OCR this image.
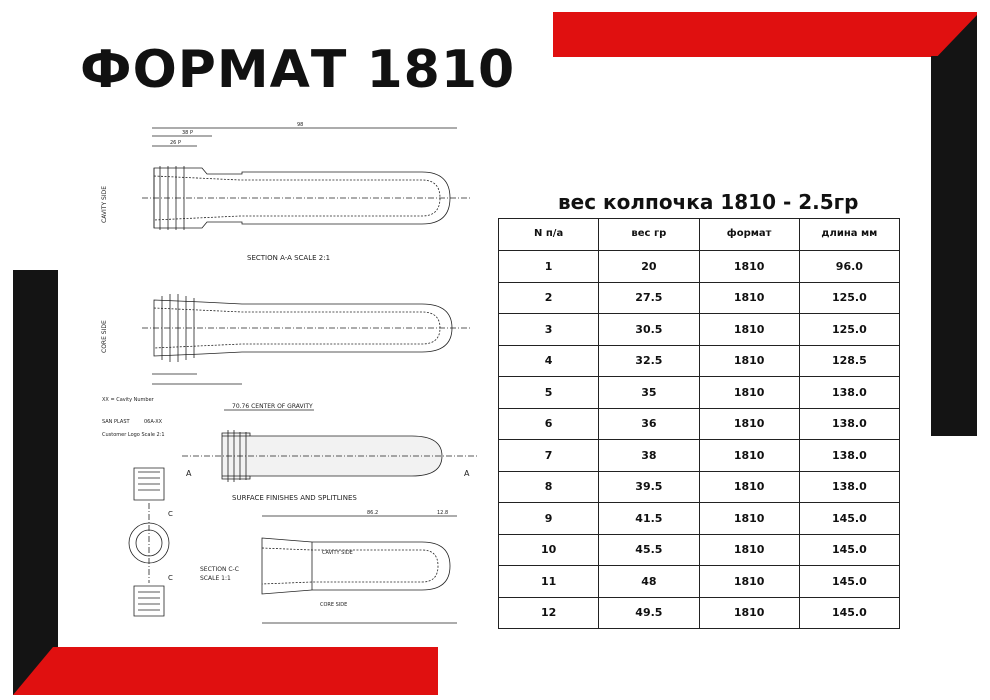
ФОРМАТ 1810
98
38 P
26 P
CAVITY SIDE
SECTION A-A SCALE 2:1
CORE SIDE
XX = Cavity Number
SAN PLAST	06A-XX
Customer Logo Scale 2:1
70.76 CENTER OF GRAVITY
A	A
SURFACE FINISHES AND SPLITLINES
C
C
86.2	12.8
CAVITY SIDE
CORE SIDE
SECTION C-C
SCALE 1:1
вес колпочка 1810 - 2.5гр
N п/а	вес гр	формат	длина мм
1	20	1810	96.0
2	27.5	1810	125.0
3	30.5	1810	125.0
4	32.5	1810	128.5
5	35	1810	138.0
6	36	1810	138.0
7	38	1810	138.0
8	39.5	1810	138.0
9	41.5	1810	145.0
10	45.5	1810	145.0
11	48	1810	145.0
12	49.5	1810	145.0
